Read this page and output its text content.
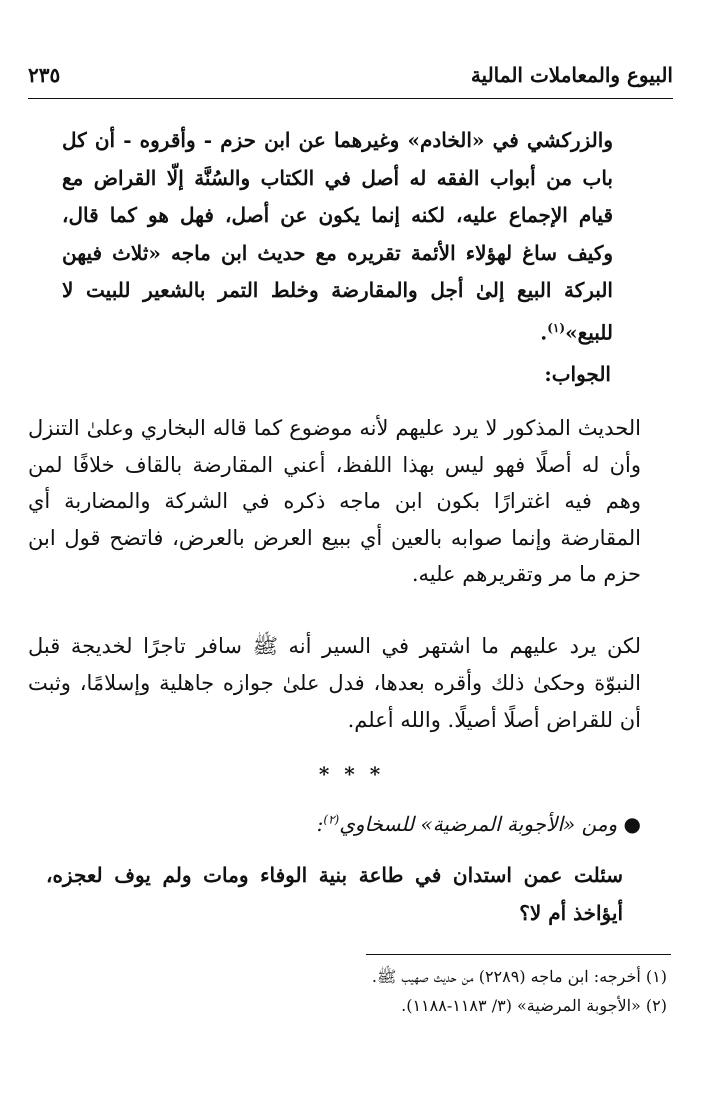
البيوع والمعاملات المالية
٢٣٥
والزركشي في «الخادم» وغيرهما عن ابن حزم - وأقروه - أن كل باب من أبواب الفقه له أصل في الكتاب والسُنَّة إلّا القراض مع قيام الإجماع عليه، لكنه إنما يكون عن أصل، فهل هو كما قال، وكيف ساغ لهؤلاء الأئمة تقريره مع حديث ابن ماجه «ثلاث فيهن البركة البيع إلىٰ أجل والمقارضة وخلط التمر بالشعير للبيت لا للبيع»$^{(١)}$.
الجواب:
الحديث المذكور لا يرد عليهم لأنه موضوع كما قاله البخاري وعلىٰ التنزل وأن له أصلًا فهو ليس بهذا اللفظ، أعني المقارضة بالقاف خلافًا لمن وهم فيه اغترارًا بكون ابن ماجه ذكره في الشركة والمضاربة أي المقارضة وإنما صوابه بالعين أي ببيع العرض بالعرض، فاتضح قول ابن حزم ما مر وتقريرهم عليه.
لكن يرد عليهم ما اشتهر في السير أنه ﷺ سافر تاجرًا لخديجة قبل النبوّة وحكىٰ ذلك وأقره بعدها، فدل علىٰ جوازه جاهلية وإسلامًا، وثبت أن للقراض أصلًا أصيلًا. والله أعلم.
* * *
● ومن «الأجوبة المرضية» للسخاوي$^{(٢)}$:
سئلت عمن استدان في طاعة بنية الوفاء ومات ولم يوف لعجزه، أيؤاخذ أم لا؟
(١) أخرجه: ابن ماجه (٢٢٨٩) من حديث صهيب ﷺ.
(٢) «الأجوبة المرضية» (٣/ ١١٨٣-١١٨٨).
